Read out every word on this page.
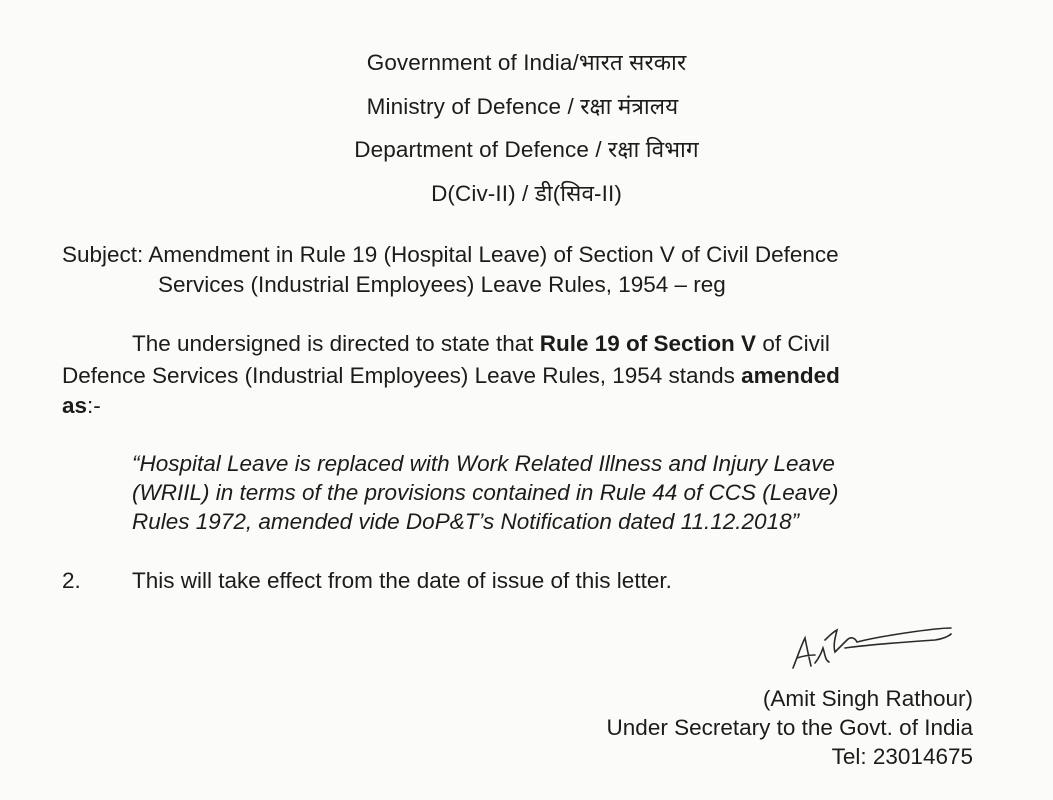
Government of India/भारत सरकार
Ministry of Defence / रक्षा मंत्रालय
Department of Defence / रक्षा विभाग
D(Civ-II) / डी(सिव-II)
Subject: Amendment in Rule 19 (Hospital Leave) of Section V of Civil Defence
Services (Industrial Employees) Leave Rules, 1954 – reg
The undersigned is directed to state that Rule 19 of Section V of Civil
Defence Services (Industrial Employees) Leave Rules, 1954 stands amended
as:-
“Hospital Leave is replaced with Work Related Illness and Injury Leave
(WRIIL) in terms of the provisions contained in Rule 44 of CCS (Leave)
Rules 1972, amended vide DoP&T’s Notification dated 11.12.2018”
2. This will take effect from the date of issue of this letter.
(Amit Singh Rathour)
Under Secretary to the Govt. of India
Tel: 23014675
